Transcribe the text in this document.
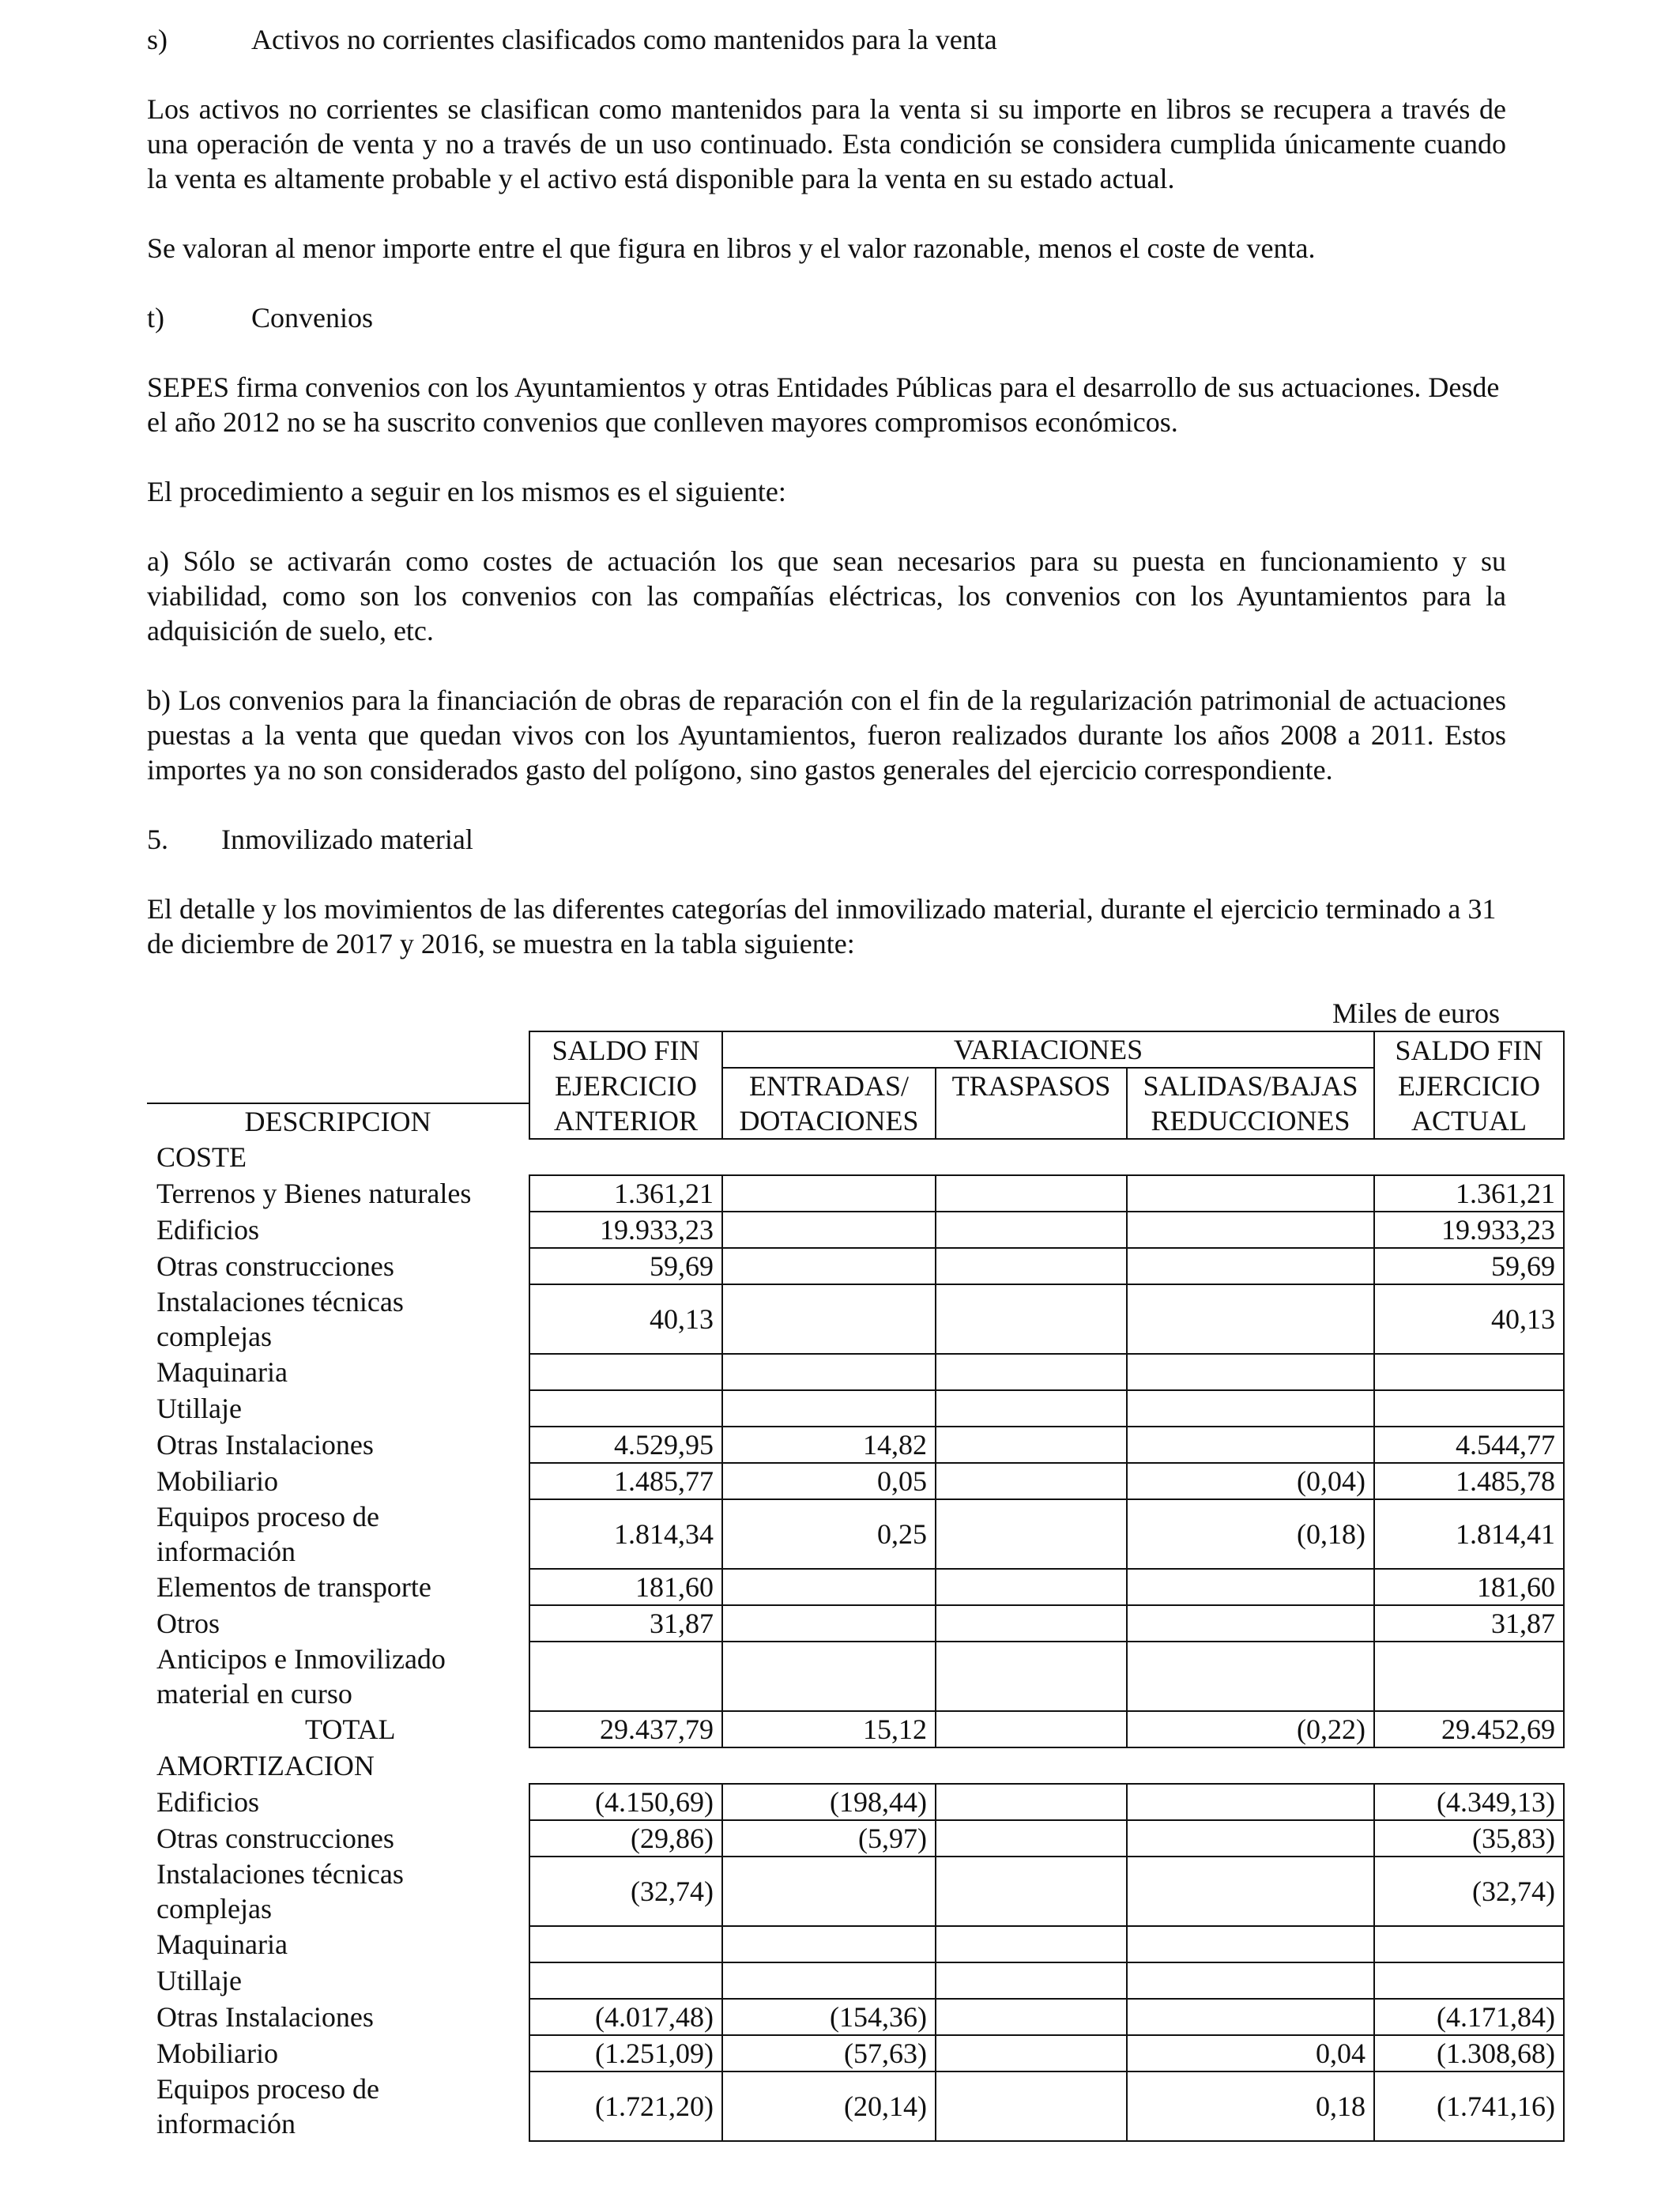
s)	Activos no corrientes clasificados como mantenidos para la venta

Los activos no corrientes se clasifican como mantenidos para la venta si su importe en libros se recupera a través de una operación de venta y no a través de un uso continuado. Esta condición se considera cumplida únicamente cuando la venta es altamente probable y el activo está disponible para la venta en su estado actual.

Se valoran al menor importe entre el que figura en libros y el valor razonable, menos el coste de venta.

t)	Convenios

SEPES firma convenios con los Ayuntamientos y otras Entidades Públicas para el desarrollo de sus actuaciones. Desde el año 2012 no se ha suscrito convenios que conlleven mayores compromisos económicos.

El procedimiento a seguir en los mismos es el siguiente:

a) Sólo se activarán como costes de actuación los que sean necesarios para su puesta en funcionamiento y su viabilidad, como son los convenios con las compañías eléctricas, los convenios con los Ayuntamientos para la adquisición de suelo, etc.

b) Los convenios para la financiación de obras de reparación con el fin de la regularización patrimonial de actuaciones puestas a la venta que quedan vivos con los Ayuntamientos, fueron realizados durante los años 2008 a 2011. Estos importes ya no son considerados gasto del polígono, sino gastos generales del ejercicio correspondiente.

5. Inmovilizado material

El detalle y los movimientos de las diferentes categorías del inmovilizado material, durante el ejercicio terminado a 31 de diciembre de 2017 y 2016, se muestra en la tabla siguiente:

Miles de euros
	SALDO FIN	VARIACIONES			SALDO FIN
	EJERCICIO	ENTRADAS/	TRASPASOS	SALIDAS/BAJAS	EJERCICIO
DESCRIPCION	ANTERIOR	DOTACIONES		REDUCCIONES	ACTUAL
COSTE					
Terrenos y Bienes naturales	1.361,21				1.361,21
Edificios	19.933,23				19.933,23
Otras construcciones	59,69				59,69
Instalaciones técnicas complejas	40,13				40,13
Maquinaria					
Utillaje					
Otras Instalaciones	4.529,95	14,82			4.544,77
Mobiliario	1.485,77	0,05		(0,04)	1.485,78
Equipos proceso de información	1.814,34	0,25		(0,18)	1.814,41
Elementos de transporte	181,60				181,60
Otros	31,87				31,87
Anticipos e Inmovilizado material en curso					
TOTAL	29.437,79	15,12		(0,22)	29.452,69
AMORTIZACION					
Edificios	(4.150,69)	(198,44)			(4.349,13)
Otras construcciones	(29,86)	(5,97)			(35,83)
Instalaciones técnicas complejas	(32,74)				(32,74)
Maquinaria					
Utillaje					
Otras Instalaciones	(4.017,48)	(154,36)			(4.171,84)
Mobiliario	(1.251,09)	(57,63)		0,04	(1.308,68)
Equipos proceso de información	(1.721,20)	(20,14)		0,18	(1.741,16)
